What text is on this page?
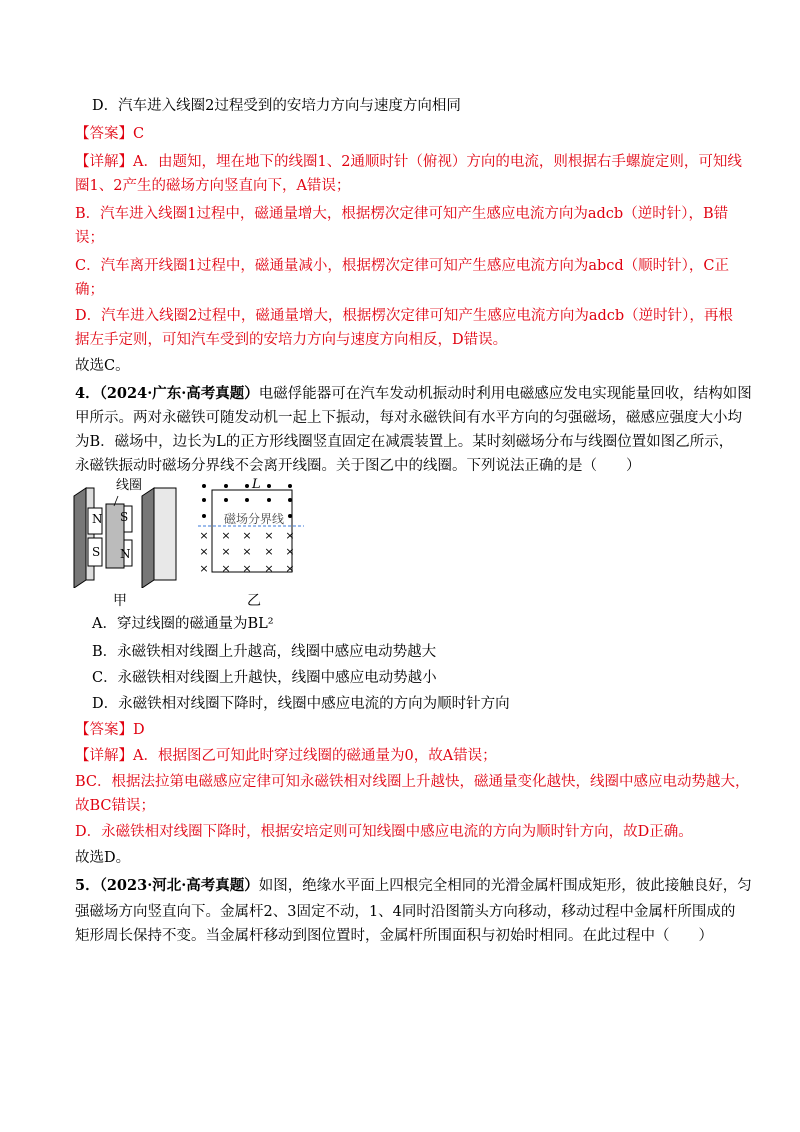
D．汽车进入线圈2过程受到的安培力方向与速度方向相同
【答案】C
【详解】A．由题知，埋在地下的线圈1、2通顺时针（俯视）方向的电流，则根据右手螺旋定则，可知线
圈1、2产生的磁场方向竖直向下，A错误；
B．汽车进入线圈1过程中，磁通量增大，根据楞次定律可知产生感应电流方向为adcb（逆时针），B错
误；
C．汽车离开线圈1过程中，磁通量减小，根据楞次定律可知产生感应电流方向为abcd（顺时针），C正
确；
D．汽车进入线圈2过程中，磁通量增大，根据楞次定律可知产生感应电流方向为adcb（逆时针），再根
据左手定则，可知汽车受到的安培力方向与速度方向相反，D错误。
故选C。
4．（2024·广东·高考真题）电磁俘能器可在汽车发动机振动时利用电磁感应发电实现能量回收，结构如图
甲所示。两对永磁铁可随发动机一起上下振动，每对永磁铁间有水平方向的匀强磁场，磁感应强度大小均
为B．磁场中，边长为L的正方形线圈竖直固定在减震装置上。某时刻磁场分布与线圈位置如图乙所示，
永磁铁振动时磁场分界线不会离开线圈。关于图乙中的线圈。下列说法正确的是（　　）
线圈
N S
S N
甲
× × × × ×
× × × × ×
× × × × ×
L
磁场分界线
乙
A．穿过线圈的磁通量为BL²
B．永磁铁相对线圈上升越高，线圈中感应电动势越大
C．永磁铁相对线圈上升越快，线圈中感应电动势越小
D．永磁铁相对线圈下降时，线圈中感应电流的方向为顺时针方向
【答案】D
【详解】A．根据图乙可知此时穿过线圈的磁通量为0，故A错误；
BC．根据法拉第电磁感应定律可知永磁铁相对线圈上升越快，磁通量变化越快，线圈中感应电动势越大，
故BC错误；
D．永磁铁相对线圈下降时，根据安培定则可知线圈中感应电流的方向为顺时针方向，故D正确。
故选D。
5．（2023·河北·高考真题）如图，绝缘水平面上四根完全相同的光滑金属杆围成矩形，彼此接触良好，匀
强磁场方向竖直向下。金属杆2、3固定不动，1、4同时沿图箭头方向移动，移动过程中金属杆所围成的
矩形周长保持不变。当金属杆移动到图位置时，金属杆所围面积与初始时相同。在此过程中（　　）
